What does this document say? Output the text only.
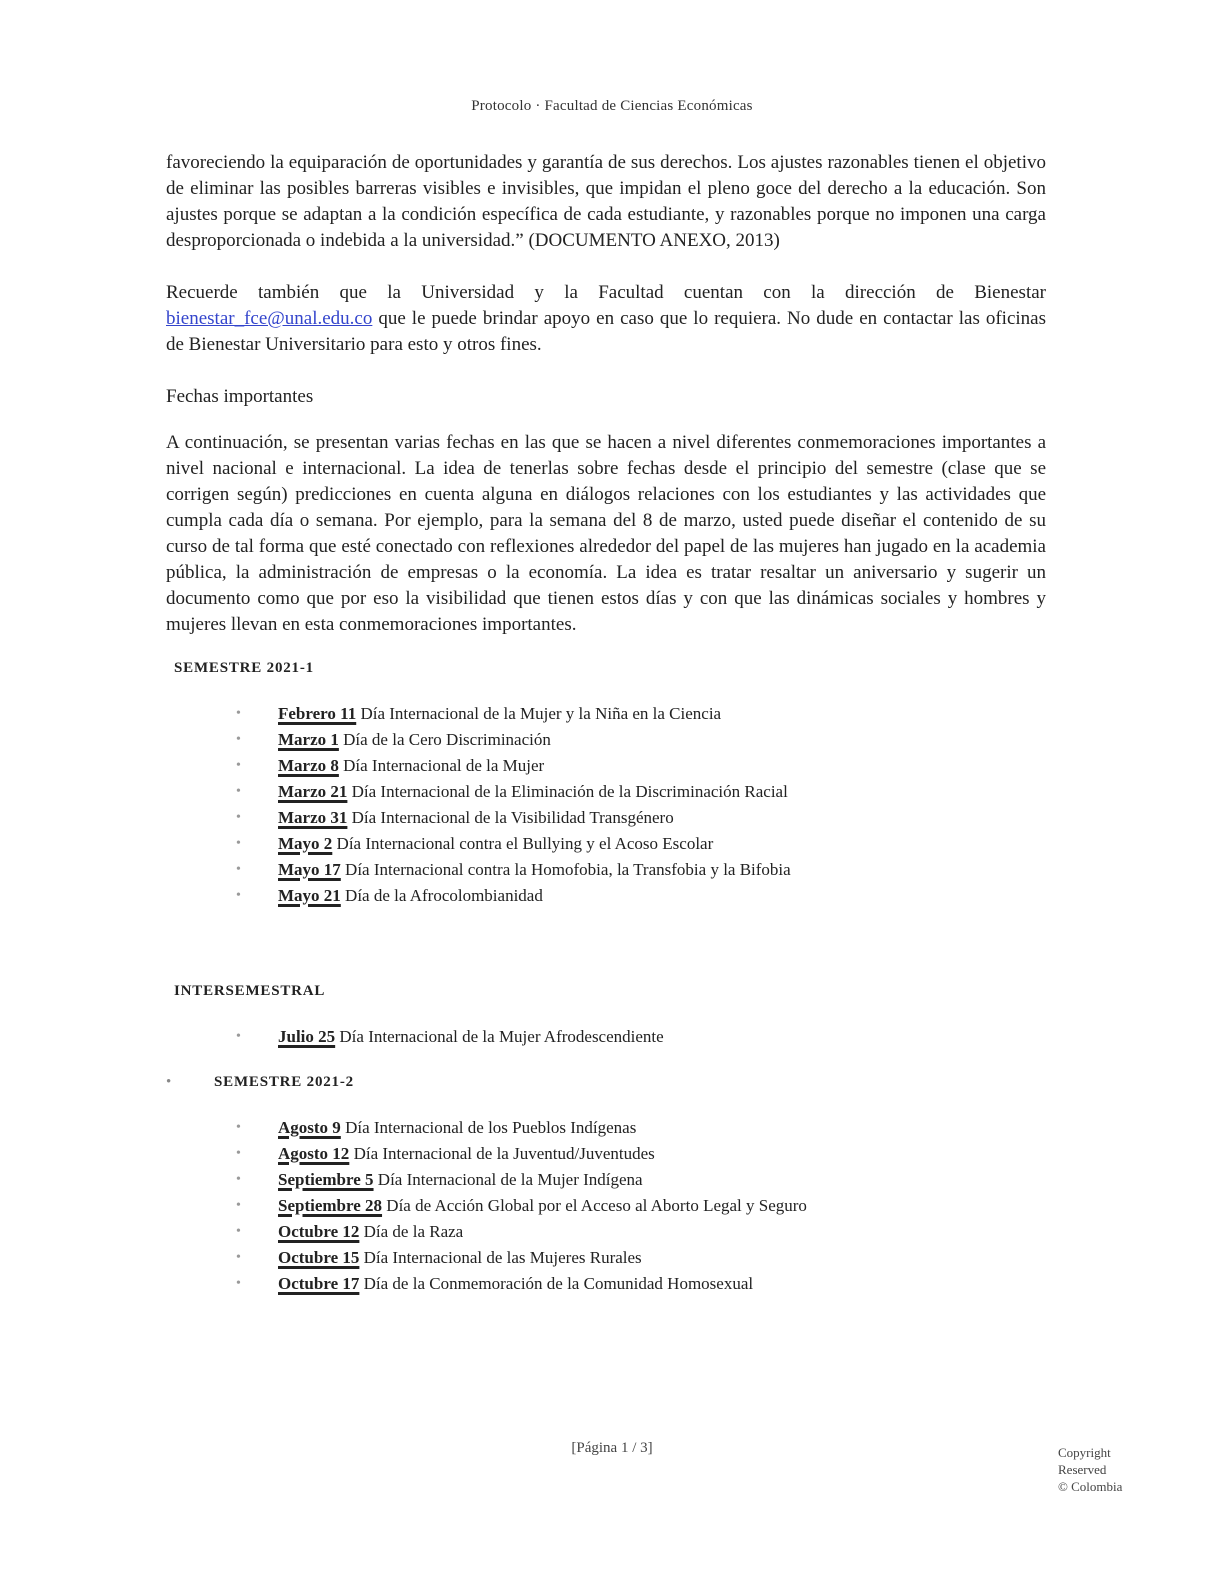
Protocolo · Facultad de Ciencias Económicas

favoreciendo la equiparación de oportunidades y garantía de sus derechos. Los ajustes razonables tienen el objetivo de eliminar las posibles barreras visibles e invisibles, que impidan el pleno goce del derecho a la educación. Son ajustes porque se adaptan a la condición específica de cada estudiante, y razonables porque no imponen una carga desproporcionada o indebida a la universidad.” (DOCUMENTO ANEXO, 2013)

Recuerde también que la Universidad y la Facultad cuentan con la dirección de Bienestar bienestar_fce@unal.edu.co que le puede brindar apoyo en caso que lo requiera. No dude en contactar las oficinas de Bienestar Universitario para esto y otros fines.

Fechas importantes

A continuación, se presentan varias fechas en las que se hacen a nivel diferentes conmemoraciones importantes a nivel nacional e internacional. La idea de tenerlas sobre fechas desde el principio del semestre (clase que se corrigen según) predicciones en cuenta alguna en diálogos relaciones con los estudiantes y las actividades que cumpla cada día o semana. Por ejemplo, para la semana del 8 de marzo, usted puede diseñar el contenido de su curso de tal forma que esté conectado con reflexiones alrededor del papel de las mujeres han jugado en la academia pública, la administración de empresas o la economía. La idea es tratar resaltar un aniversario y sugerir un documento como que por eso la visibilidad que tienen estos días y con que las dinámicas sociales y hombres y mujeres llevan en esta conmemoraciones importantes.

SEMESTRE 2021-1
• Febrero 11 Día Internacional de la Mujer y la Niña en la Ciencia
• Marzo 1 Día de la Cero Discriminación
• Marzo 8 Día Internacional de la Mujer
• Marzo 21 Día Internacional de la Eliminación de la Discriminación Racial
• Marzo 31 Día Internacional de la Visibilidad Transgénero
• Mayo 2 Día Internacional contra el Bullying y el Acoso Escolar
• Mayo 17 Día Internacional contra la Homofobia, la Transfobia y la Bifobia
• Mayo 21 Día de la Afrocolombianidad
INTERSEMESTRAL
• Julio 25 Día Internacional de la Mujer Afrodescendiente
•	SEMESTRE 2021-2
• Agosto 9 Día Internacional de los Pueblos Indígenas
• Agosto 12 Día Internacional de la Juventud/Juventudes
• Septiembre 5 Día Internacional de la Mujer Indígena
• Septiembre 28 Día de Acción Global por el Acceso al Aborto Legal y Seguro
• Octubre 12 Día de la Raza
• Octubre 15 Día Internacional de las Mujeres Rurales
• Octubre 17 Día de la Conmemoración de la Comunidad Homosexual
[Página 1 / 3]	Copyright
Reserved
© Colombia
